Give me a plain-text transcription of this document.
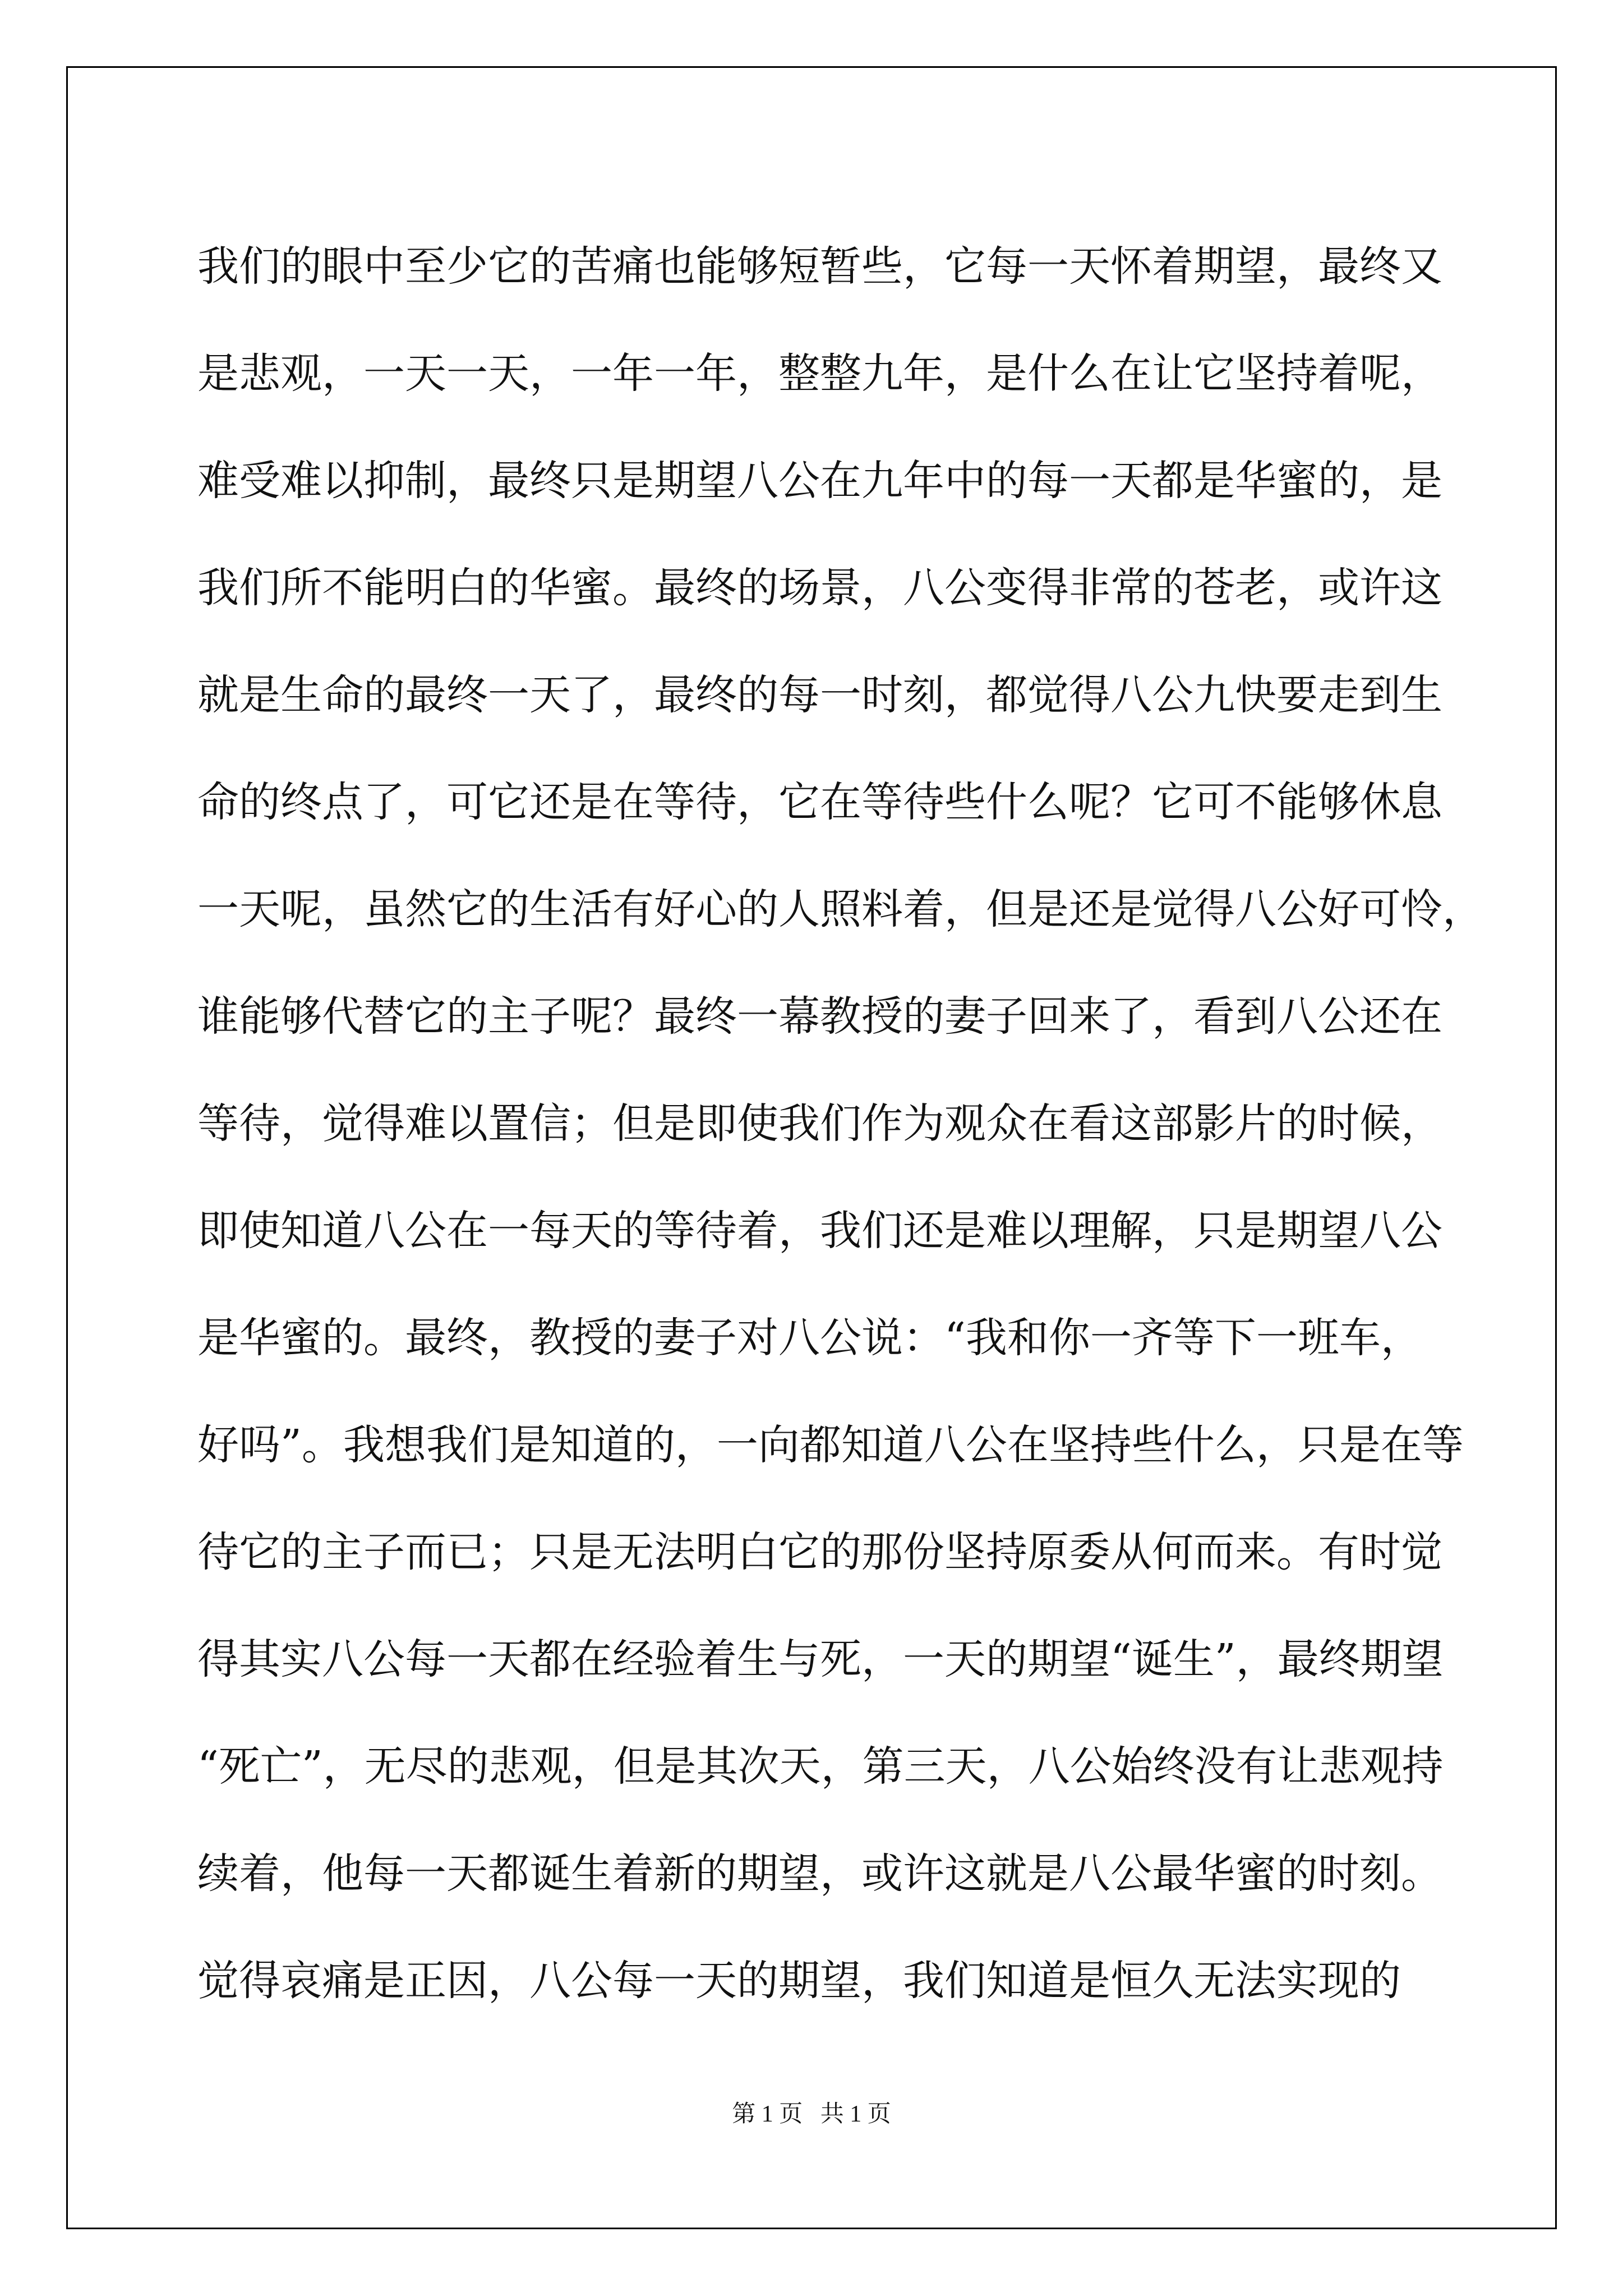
我们的眼中至少它的苦痛也能够短暂些，它每一天怀着期望，最终又
是悲观，一天一天，一年一年，整整九年，是什么在让它坚持着呢，
难受难以抑制，最终只是期望八公在九年中的每一天都是华蜜的，是
我们所不能明白的华蜜。最终的场景，八公变得非常的苍老，或许这
就是生命的最终一天了，最终的每一时刻，都觉得八公九快要走到生
命的终点了，可它还是在等待，它在等待些什么呢？它可不能够休息
一天呢，虽然它的生活有好心的人照料着，但是还是觉得八公好可怜，
谁能够代替它的主子呢？最终一幕教授的妻子回来了，看到八公还在
等待，觉得难以置信；但是即使我们作为观众在看这部影片的时候，
即使知道八公在一每天的等待着，我们还是难以理解，只是期望八公
是华蜜的。最终，教授的妻子对八公说：“我和你一齐等下一班车，
好吗”。我想我们是知道的，一向都知道八公在坚持些什么，只是在等
待它的主子而已；只是无法明白它的那份坚持原委从何而来。有时觉
得其实八公每一天都在经验着生与死，一天的期望“诞生”，最终期望
“死亡”，无尽的悲观，但是其次天，第三天，八公始终没有让悲观持
续着，他每一天都诞生着新的期望，或许这就是八公最华蜜的时刻。
觉得哀痛是正因，八公每一天的期望，我们知道是恒久无法实现的
第 1 页   共 1 页
